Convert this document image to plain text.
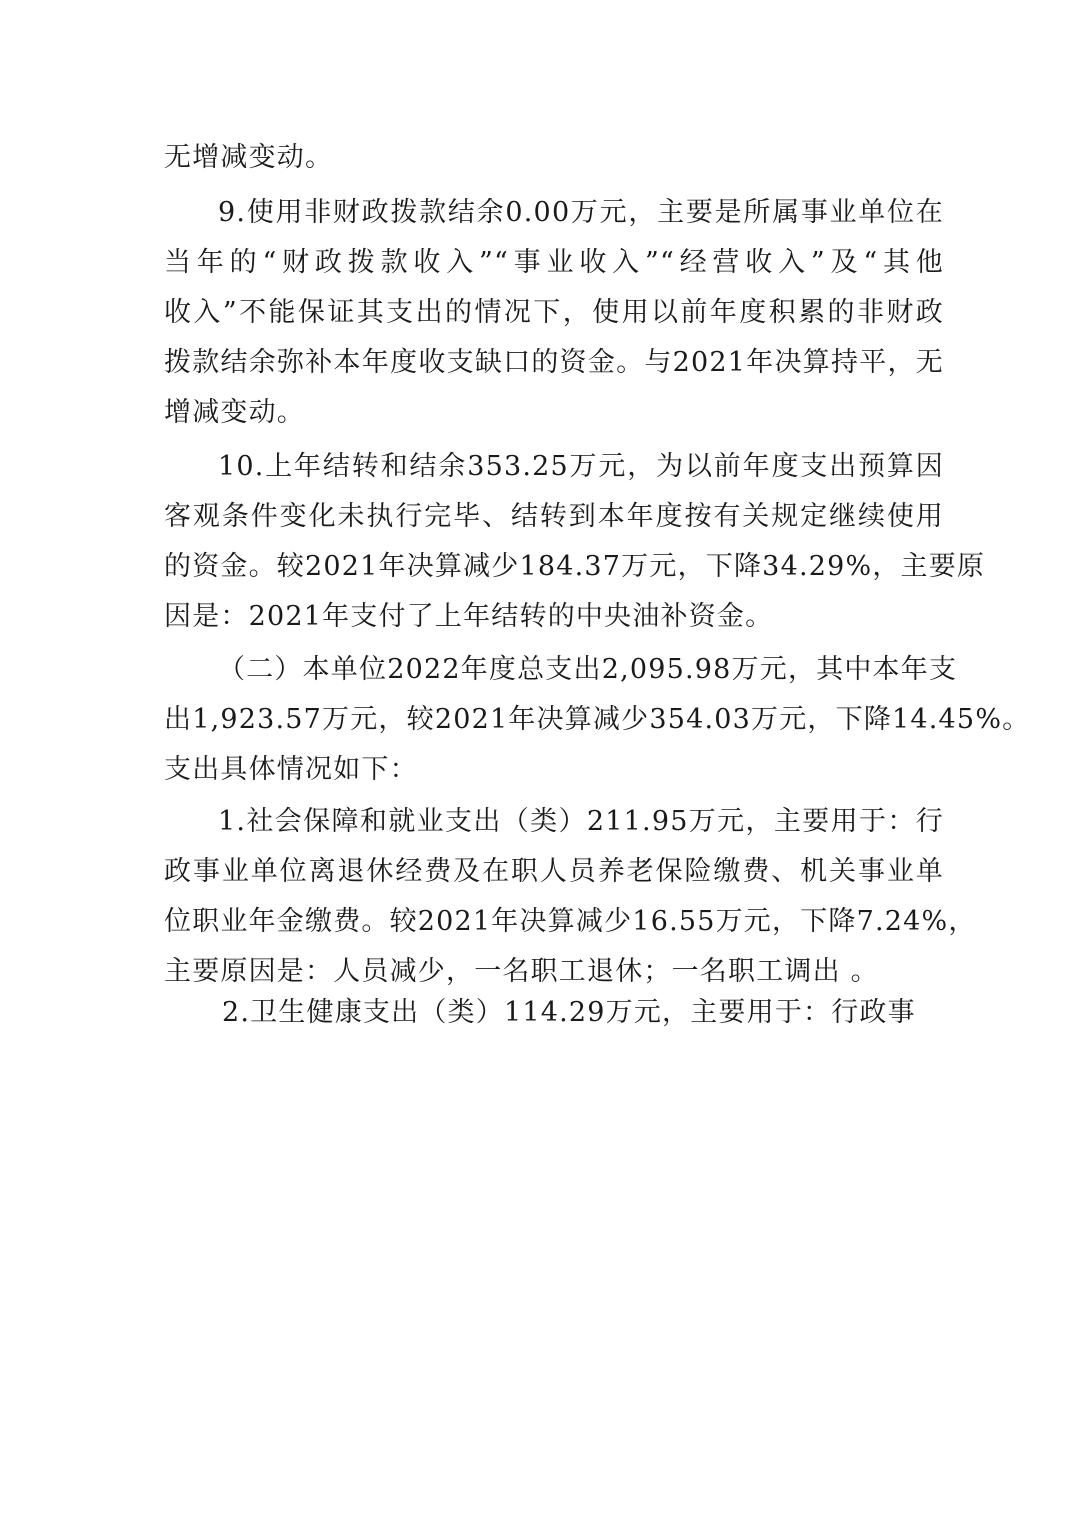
无增减变动。
9.使用非财政拨款结余0.00万元，主要是所属事业单位在
当年的“财政拨款收入”“事业收入”“经营收入”及“其他
收入”不能保证其支出的情况下，使用以前年度积累的非财政
拨款结余弥补本年度收支缺口的资金。与2021年决算持平，无
增减变动。
10.上年结转和结余353.25万元，为以前年度支出预算因
客观条件变化未执行完毕、结转到本年度按有关规定继续使用
的资金。较2021年决算减少184.37万元，下降34.29%，主要原
因是：2021年支付了上年结转的中央油补资金。
（二）本单位2022年度总支出2,095.98万元，其中本年支
出1,923.57万元，较2021年决算减少354.03万元，下降14.45%。
支出具体情况如下：
1.社会保障和就业支出（类）211.95万元，主要用于：行
政事业单位离退休经费及在职人员养老保险缴费、机关事业单
位职业年金缴费。较2021年决算减少16.55万元，下降7.24%，
主要原因是：人员减少，一名职工退休；一名职工调出 。
2.卫生健康支出（类）114.29万元，主要用于：行政事
